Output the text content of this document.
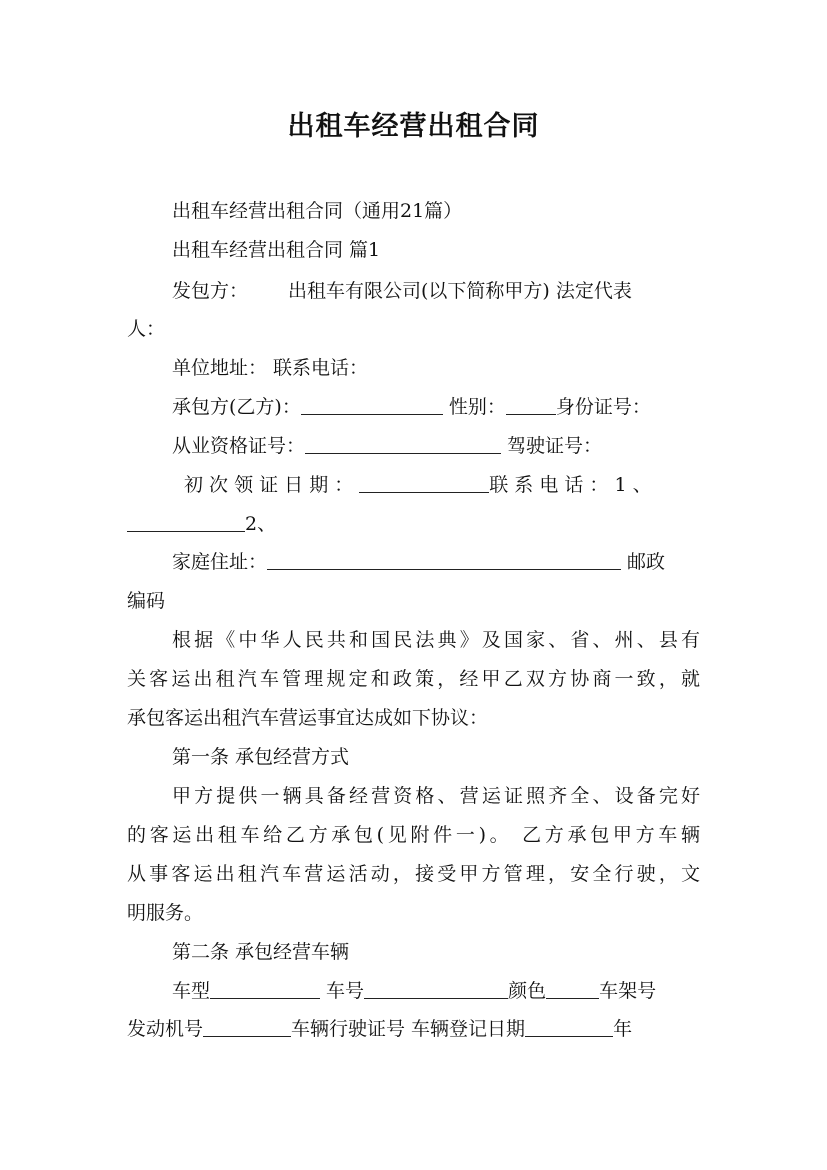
出租车经营出租合同
出租车经营出租合同（通用21篇）
出租车经营出租合同 篇1
发包方： 出租车有限公司(以下简称甲方) 法定代表
人：
单位地址： 联系电话：
承包方(乙方)：	性别：	身份证号：
从业资格证号：	驾驶证号：
初 次 领 证 日 期 ：	联 系 电 话 ： 1 、
2、
家庭住址：	邮政
编码
根据《中华人民共和国民法典》及国家、省、州、县有
关客运出租汽车管理规定和政策，经甲乙双方协商一致，就
承包客运出租汽车营运事宜达成如下协议：
第一条 承包经营方式
甲方提供一辆具备经营资格、营运证照齐全、设备完好
的客运出租车给乙方承包(见附件一)。 乙方承包甲方车辆
从事客运出租汽车营运活动，接受甲方管理，安全行驶，文
明服务。
第二条 承包经营车辆
车型	车号	颜色	车架号
发动机号	车辆行驶证号 车辆登记日期	年
